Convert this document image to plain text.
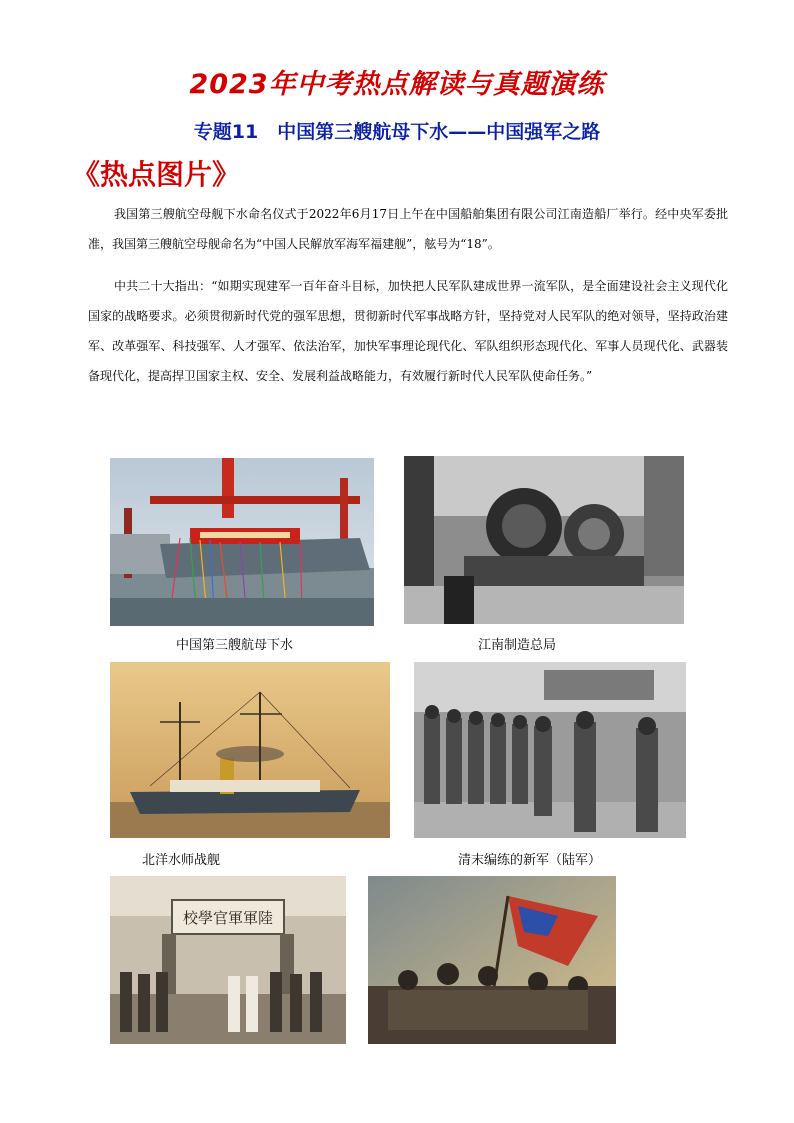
2023年中考热点解读与真题演练
专题11　中国第三艘航母下水——中国强军之路
《热点图片》
我国第三艘航空母舰下水命名仪式于2022年6月17日上午在中国船舶集团有限公司江南造船厂举行。经中央军委批准，我国第三艘航空母舰命名为“中国人民解放军海军福建舰”，舷号为“18”。
中共二十大指出：“如期实现建军一百年奋斗目标，加快把人民军队建成世界一流军队，是全面建设社会主义现代化国家的战略要求。必须贯彻新时代党的强军思想，贯彻新时代军事战略方针，坚持党对人民军队的绝对领导，坚持政治建军、改革强军、科技强军、人才强军、依法治军，加快军事理论现代化、军队组织形态现代化、军事人员现代化、武器装备现代化，提高捍卫国家主权、安全、发展利益战略能力，有效履行新时代人民军队使命任务。”
中国第三艘航母下水	江南制造总局
北洋水师战舰	清末编练的新军（陆军）
校學官軍軍陸
